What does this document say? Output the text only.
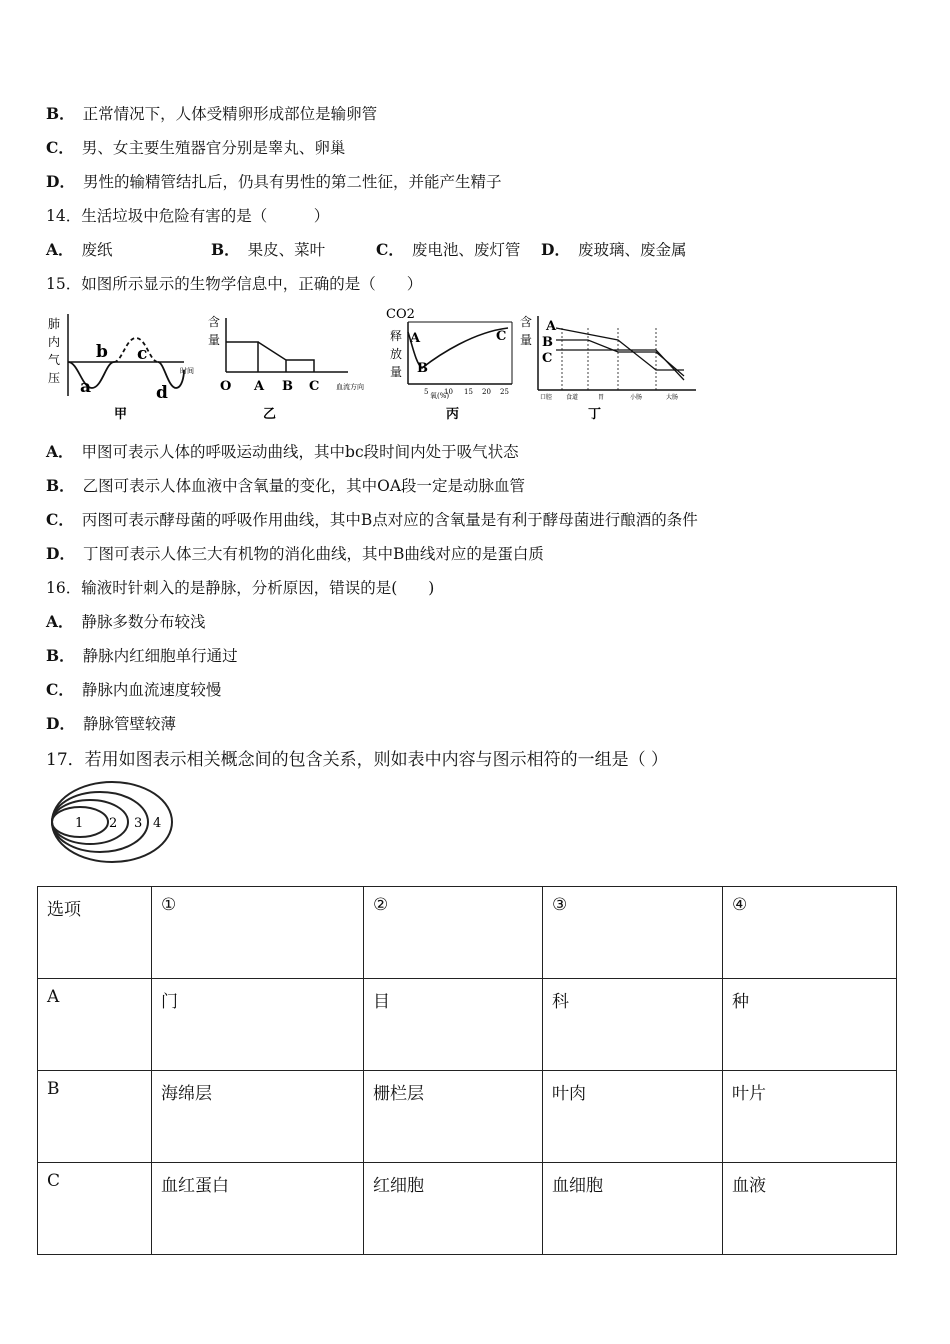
B． 正常情况下，人体受精卵形成部位是输卵管
C． 男、女主要生殖器官分别是睾丸、卵巢
D． 男性的输精管结扎后，仍具有男性的第二性征，并能产生精子
14．生活垃圾中危险有害的是（　　　）
A． 废纸	B． 果皮、菜叶	C． 废电池、废灯管 D． 废玻璃、废金属
15．如图所示显示的生物学信息中，正确的是（　　）
肺
内
气
压 a
b c
d
时间
甲
含
量
O A B C 血流方向
乙
CO2
释
放
量
A
B
C
5 10 15 20 25
氧(%)
丙
含
量
A
B
C
口腔 食道	胃	小肠	大肠
丁
A． 甲图可表示人体的呼吸运动曲线，其中bc段时间内处于吸气状态
B． 乙图可表示人体血液中含氧量的变化，其中OA段一定是动脉血管
C． 丙图可表示酵母菌的呼吸作用曲线，其中B点对应的含氧量是有利于酵母菌进行酿酒的条件
D． 丁图可表示人体三大有机物的消化曲线，其中B曲线对应的是蛋白质
16．输液时针刺入的是静脉，分析原因，错误的是(　　)
A． 静脉多数分布较浅
B． 静脉内红细胞单行通过
C． 静脉内血流速度较慢
D． 静脉管壁较薄
17．若用如图表示相关概念间的包含关系，则如表中内容与图示相符的一组是（ ）
1 2 3 4
选项	①	②	③	④
A	门	目	科	种
B	海绵层	栅栏层	叶肉	叶片
C	血红蛋白	红细胞	血细胞	血液
